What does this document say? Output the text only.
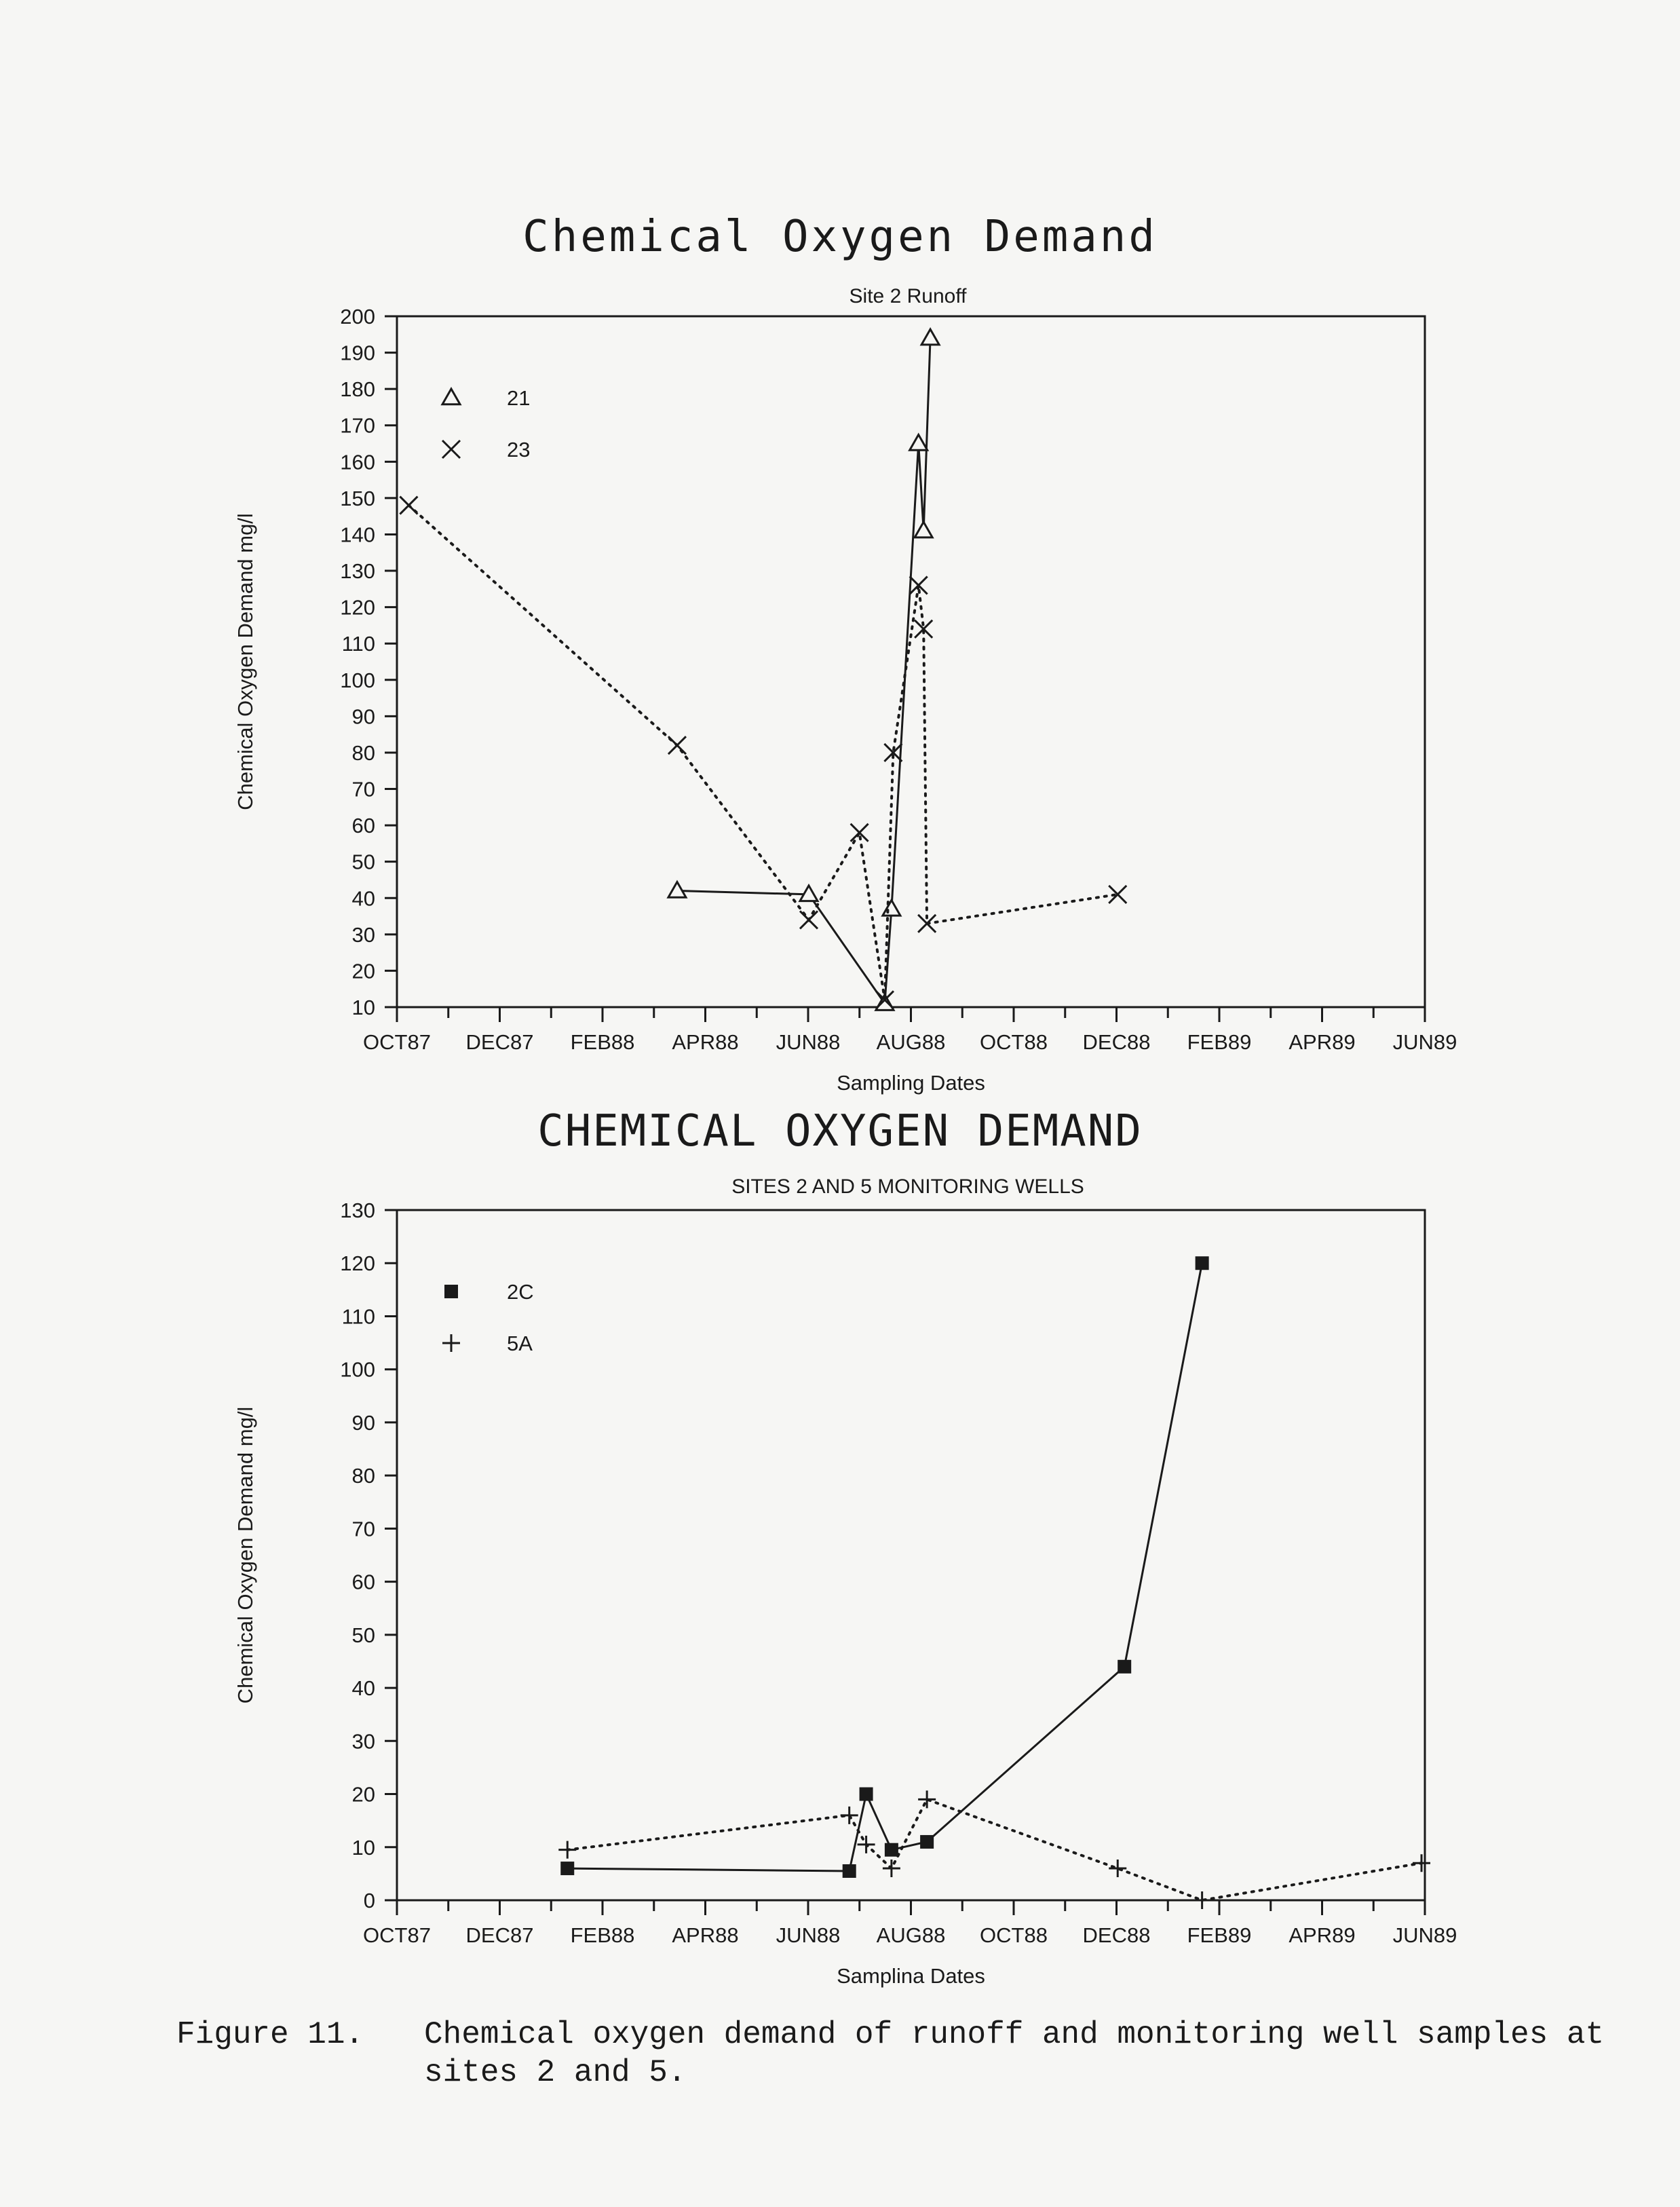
Chemical Oxygen Demand
Site 2 Runoff
10
20
30
40
50
60
70
80
90
100
110
120
130
140
150
160
170
180
190
200
OCT87 DEC87 FEB88 APR88 JUN88 AUG88 OCT88 DEC88 FEB89 APR89 JUN89
Sampling Dates
Chemical Oxygen Demand mg/l
21
23
CHEMICAL OXYGEN DEMAND
SITES 2 AND 5 MONITORING WELLS
0
10
20
30
40
50
60
70
80
90
100
110
120
130
OCT87 DEC87 FEB88 APR88 JUN88 AUG88 OCT88 DEC88 FEB89 APR89 JUN89
Samplina Dates
Chemical Oxygen Demand mg/l
2C
5A
Figure 11. Chemical oxygen demand of runoff and monitoring well samples at sites 2 and 5.
